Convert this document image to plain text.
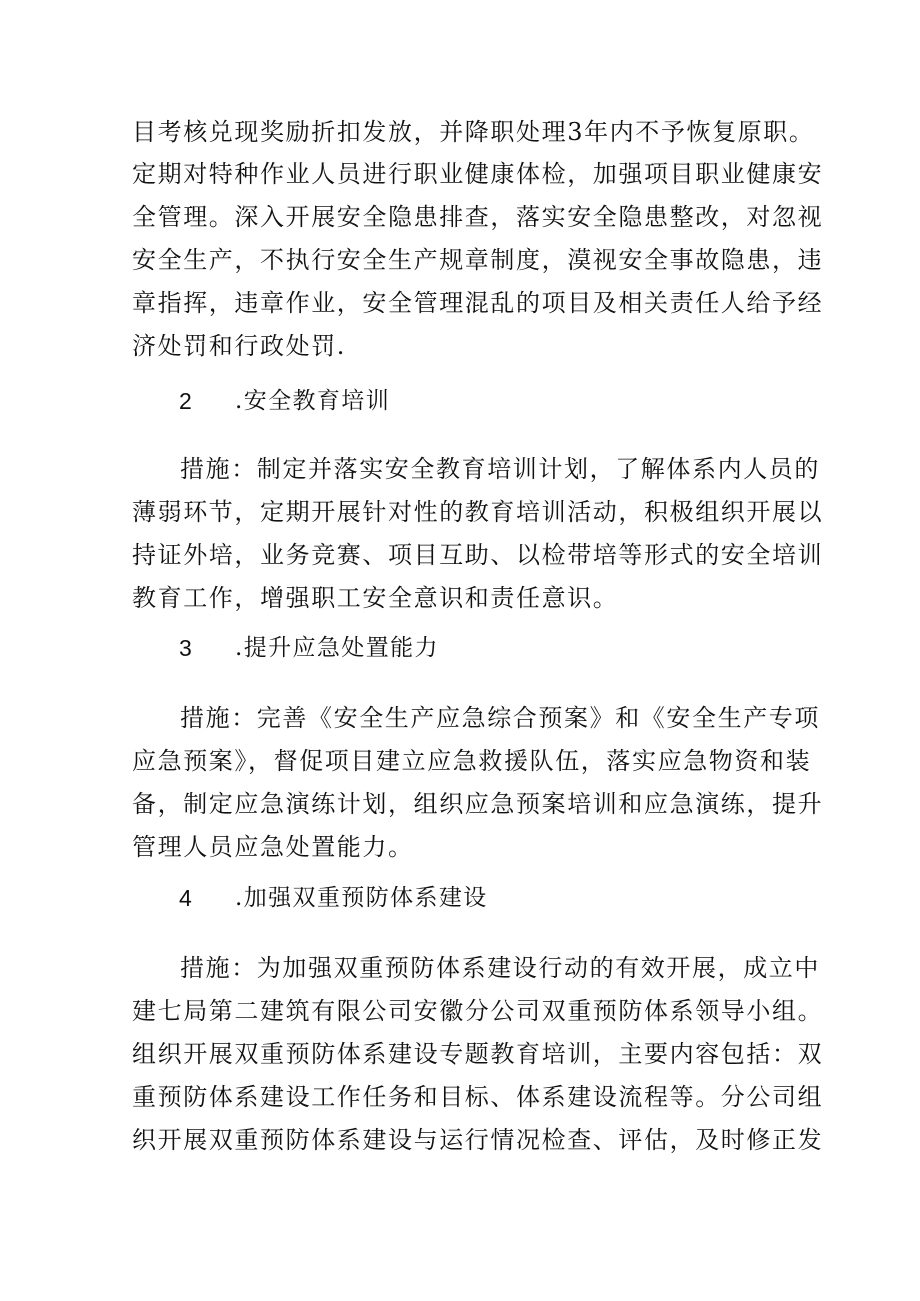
目考核兑现奖励折扣发放，并降职处理3年内不予恢复原职。
定期对特种作业人员进行职业健康体检，加强项目职业健康安
全管理。深入开展安全隐患排查，落实安全隐患整改，对忽视
安全生产，不执行安全生产规章制度，漠视安全事故隐患，违
章指挥，违章作业，安全管理混乱的项目及相关责任人给予经
济处罚和行政处罚.
2 .安全教育培训
措施：制定并落实安全教育培训计划，了解体系内人员的
薄弱环节，定期开展针对性的教育培训活动，积极组织开展以
持证外培，业务竞赛、项目互助、以检带培等形式的安全培训
教育工作，增强职工安全意识和责任意识。
3 .提升应急处置能力
措施：完善《安全生产应急综合预案》和《安全生产专项
应急预案》，督促项目建立应急救援队伍，落实应急物资和装
备，制定应急演练计划，组织应急预案培训和应急演练，提升
管理人员应急处置能力。
4 .加强双重预防体系建设
措施：为加强双重预防体系建设行动的有效开展，成立中
建七局第二建筑有限公司安徽分公司双重预防体系领导小组。
组织开展双重预防体系建设专题教育培训，主要内容包括：双
重预防体系建设工作任务和目标、体系建设流程等。分公司组
织开展双重预防体系建设与运行情况检查、评估，及时修正发
